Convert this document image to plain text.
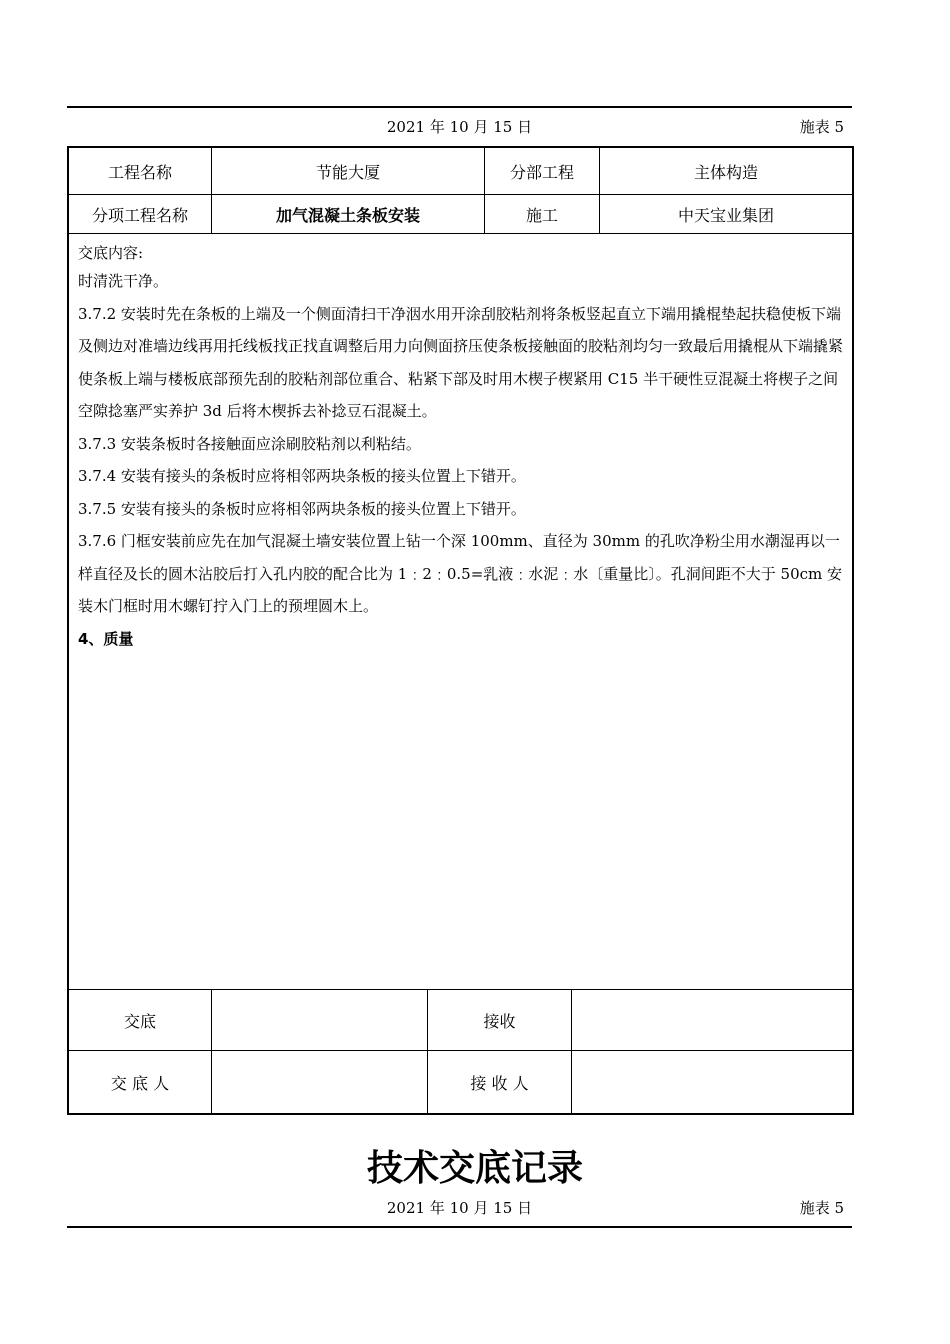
2021 年 10 月 15 日	施表 5
工程名称	节能大厦	分部工程	主体构造
分项工程名称	加气混凝土条板安装	施工	中天宝业集团

交底内容:

时清洗干净。

3.7.2 安装时先在条板的上端及一个侧面清扫干净洇水用开涂刮胶粘剂将条板竖起直立下端用撬棍垫起扶稳使板下端及侧边对准墙边线再用托线板找正找直调整后用力向侧面挤压使条板接触面的胶粘剂均匀一致最后用撬棍从下端撬紧使条板上端与楼板底部预先刮的胶粘剂部位重合、粘紧下部及时用木楔子楔紧用 C15 半干硬性豆混凝土将楔子之间空隙捻塞严实养护 3d 后将木楔拆去补捻豆石混凝土。

3.7.3 安装条板时各接触面应涂刷胶粘剂以利粘结。

3.7.4 安装有接头的条板时应将相邻两块条板的接头位置上下错开。

3.7.5 安装有接头的条板时应将相邻两块条板的接头位置上下错开。

3.7.6 门框安装前应先在加气混凝土墙安装位置上钻一个深 100mm、直径为 30mm 的孔吹净粉尘用水潮湿再以一样直径及长的圆木沾胶后打入孔内胶的配合比为 1﹕2﹕0.5=乳液﹕水泥﹕水〔重量比〕。孔洞间距不大于 50cm 安装木门框时用木螺钉拧入门上的预埋圆木上。

4、质量

交底	接收
交 底 人	接 收 人
技术交底记录
2021 年 10 月 15 日	施表 5
